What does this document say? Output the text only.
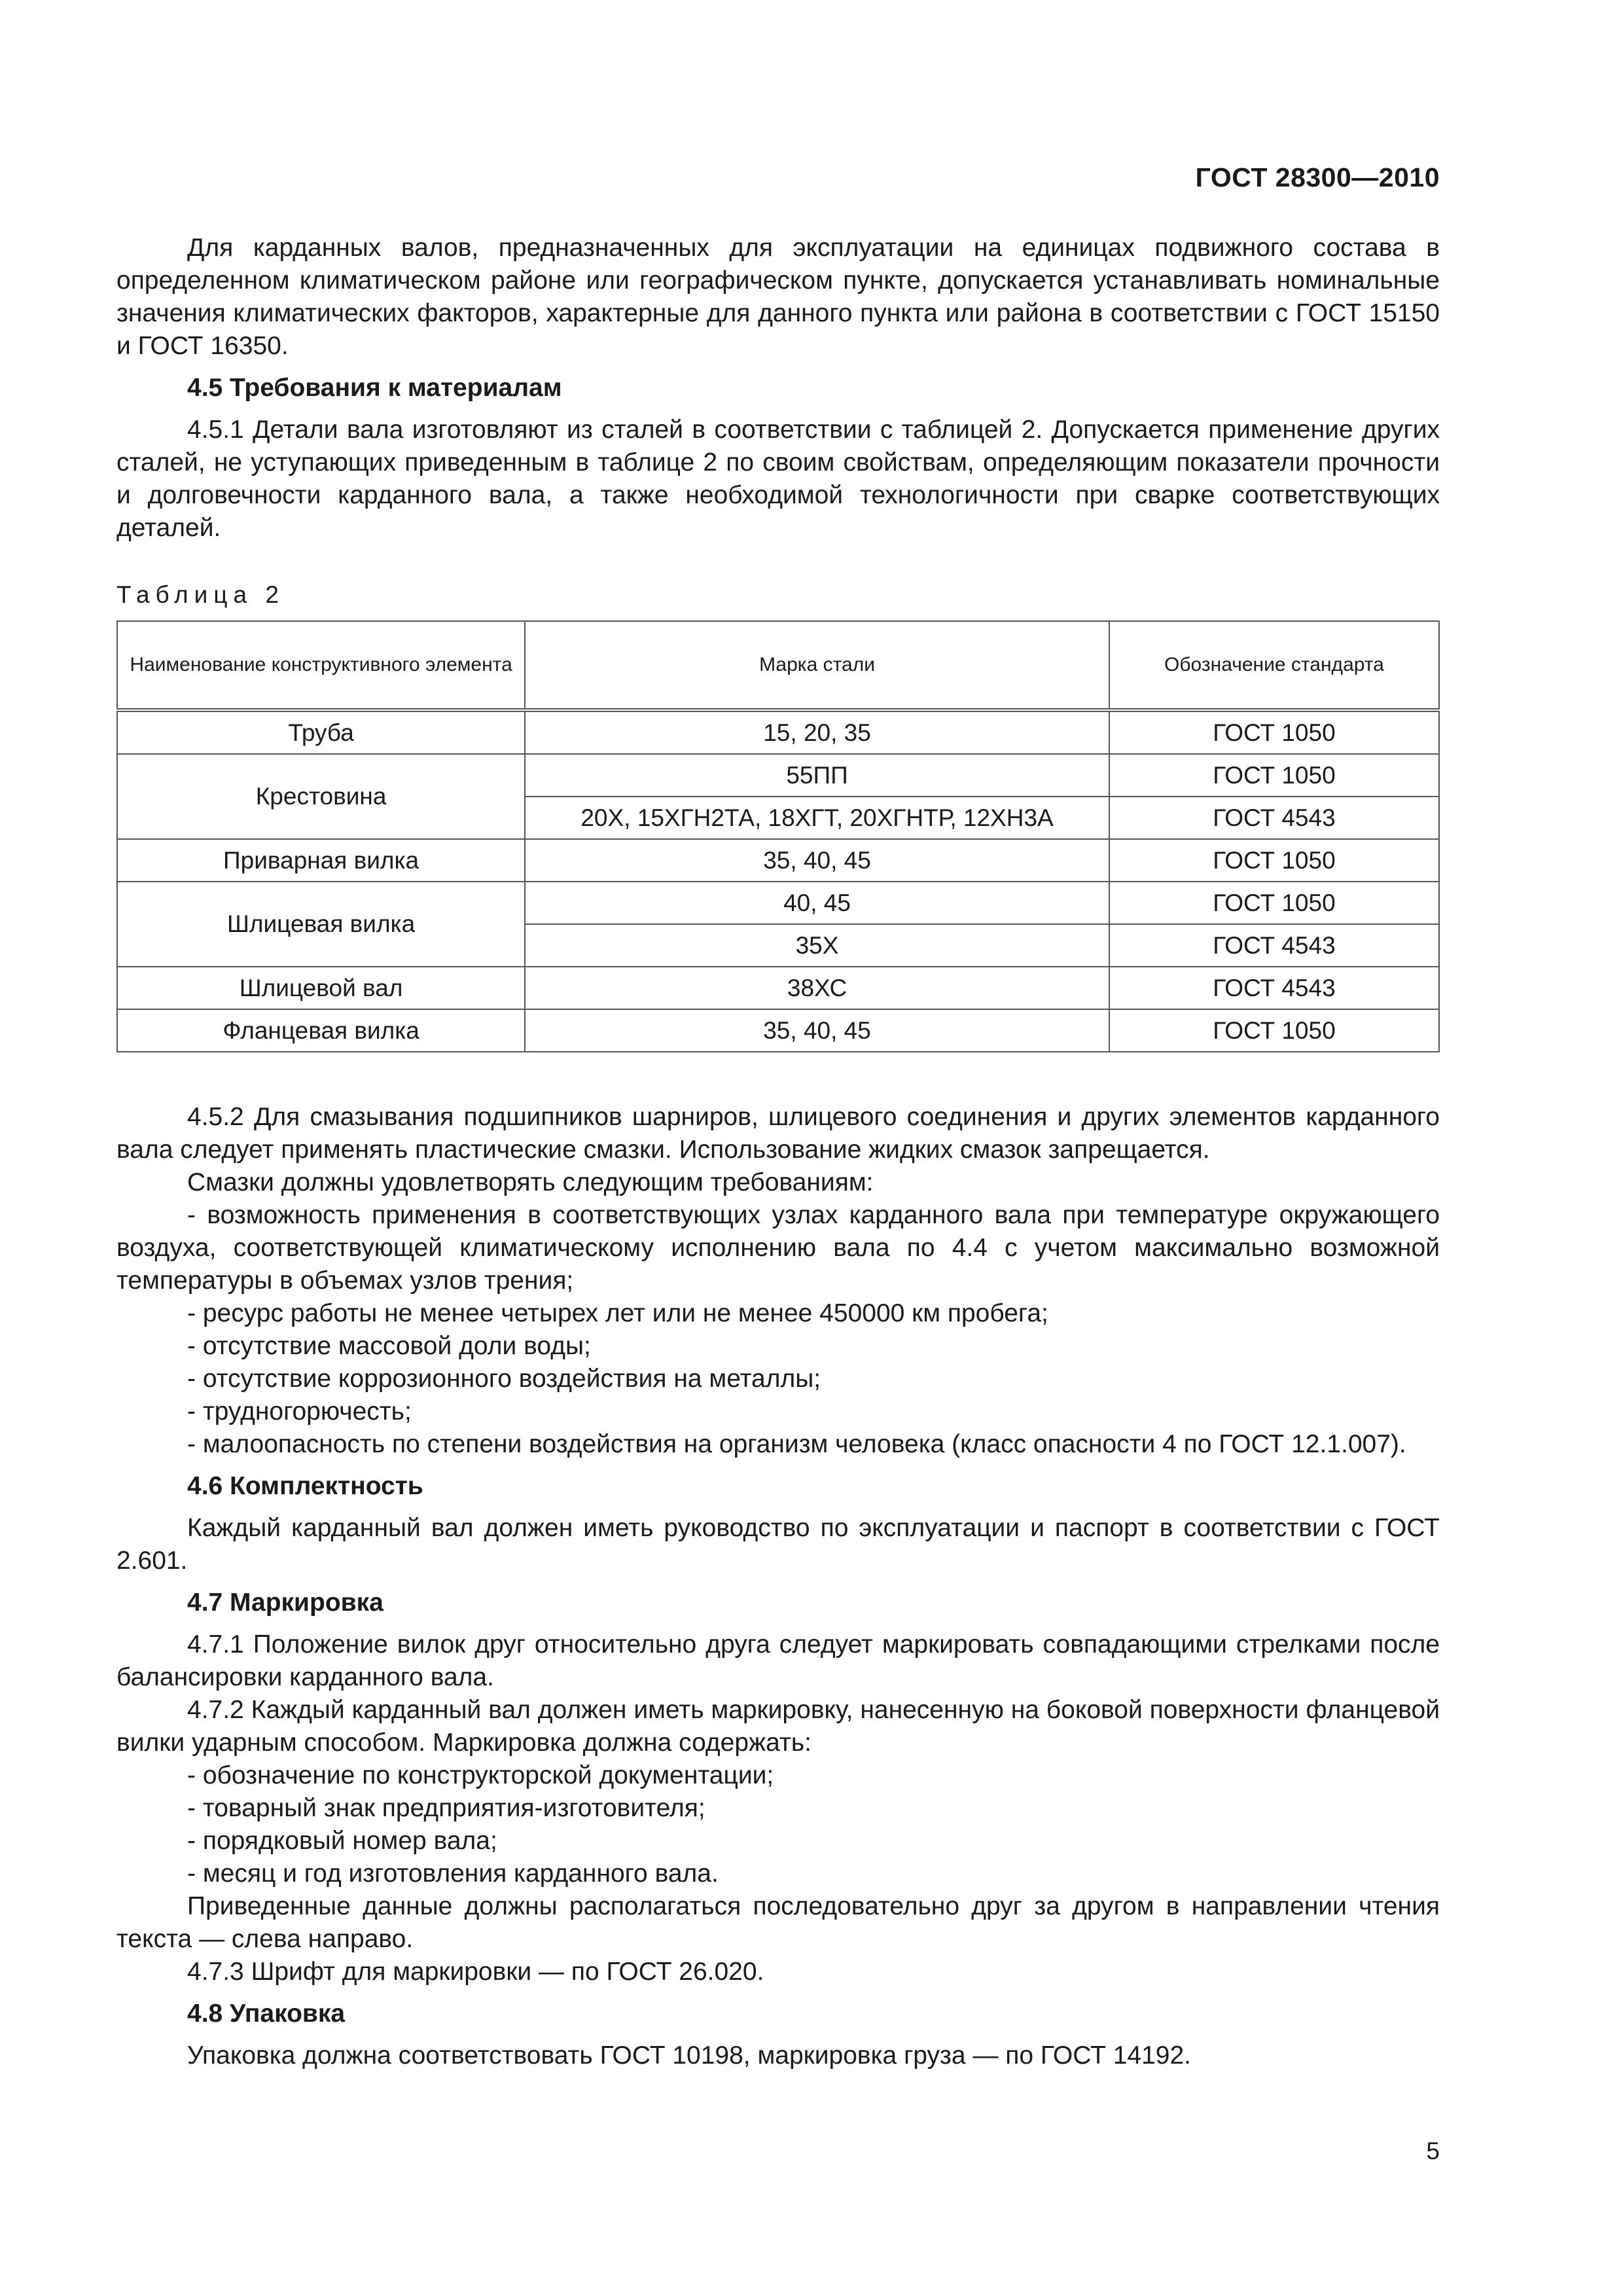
ГОСТ 28300—2010

Для карданных валов, предназначенных для эксплуатации на единицах подвижного состава в определенном климатическом районе или географическом пункте, допускается устанавливать номинальные значения климатических факторов, характерные для данного пункта или района в соответствии с ГОСТ 15150 и ГОСТ 16350.

4.5 Требования к материалам

4.5.1 Детали вала изготовляют из сталей в соответствии с таблицей 2. Допускается применение других сталей, не уступающих приведенным в таблице 2 по своим свойствам, определяющим показатели прочности и долговечности карданного вала, а также необходимой технологичности при сварке соответствующих деталей.

Таблица 2
Наименование конструктивного элемента	Марка стали	Обозначение стандарта
Труба	15, 20, 35	ГОСТ 1050
Крестовина	55ПП	ГОСТ 1050
	20Х, 15ХГН2ТА, 18ХГТ, 20ХГНТР, 12ХН3А	ГОСТ 4543
Приварная вилка	35, 40, 45	ГОСТ 1050
Шлицевая вилка	40, 45	ГОСТ 1050
	35Х	ГОСТ 4543
Шлицевой вал	38ХС	ГОСТ 4543
Фланцевая вилка	35, 40, 45	ГОСТ 1050

4.5.2 Для смазывания подшипников шарниров, шлицевого соединения и других элементов карданного вала следует применять пластические смазки. Использование жидких смазок запрещается.

Смазки должны удовлетворять следующим требованиям:

- возможность применения в соответствующих узлах карданного вала при температуре окружающего воздуха, соответствующей климатическому исполнению вала по 4.4 с учетом максимально возможной температуры в объемах узлов трения;

- ресурс работы не менее четырех лет или не менее 450000 км пробега;

- отсутствие массовой доли воды;

- отсутствие коррозионного воздействия на металлы;

- трудногорючесть;

- малоопасность по степени воздействия на организм человека (класс опасности 4 по ГОСТ 12.1.007).

4.6 Комплектность

Каждый карданный вал должен иметь руководство по эксплуатации и паспорт в соответствии с ГОСТ 2.601.

4.7 Маркировка

4.7.1 Положение вилок друг относительно друга следует маркировать совпадающими стрелками после балансировки карданного вала.

4.7.2 Каждый карданный вал должен иметь маркировку, нанесенную на боковой поверхности фланцевой вилки ударным способом. Маркировка должна содержать:

- обозначение по конструкторской документации;

- товарный знак предприятия-изготовителя;

- порядковый номер вала;

- месяц и год изготовления карданного вала.

Приведенные данные должны располагаться последовательно друг за другом в направлении чтения текста — слева направо.

4.7.3 Шрифт для маркировки — по ГОСТ 26.020.

4.8 Упаковка

Упаковка должна соответствовать ГОСТ 10198, маркировка груза — по ГОСТ 14192.

5
